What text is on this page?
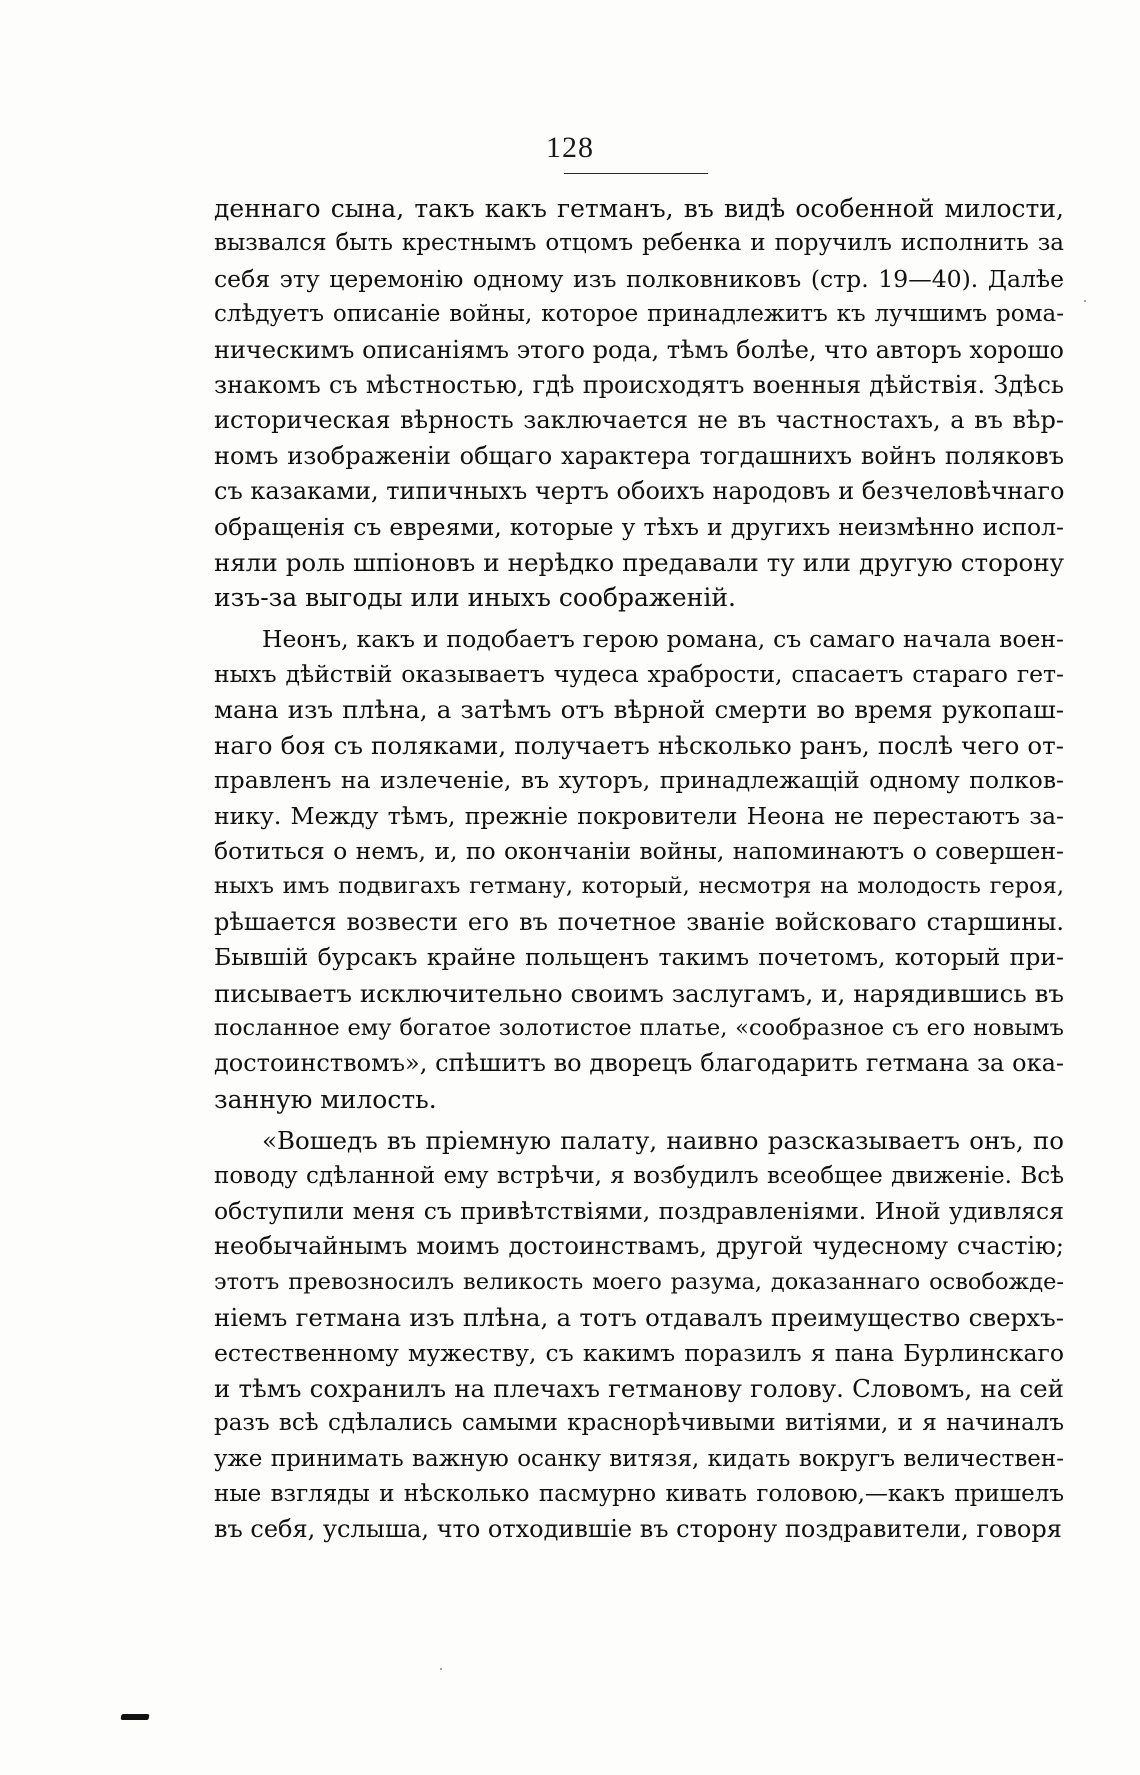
128
деннаго сына, такъ какъ гетманъ, въ видѣ особенной милости,
вызвался быть крестнымъ отцомъ ребенка и поручилъ исполнить за
себя эту церемонію одному изъ полковниковъ (стр. 19—40). Далѣе
слѣдуетъ описаніе войны, которое принадлежитъ къ лучшимъ рома-
ническимъ описаніямъ этого рода, тѣмъ болѣе, что авторъ хорошо
знакомъ съ мѣстностью, гдѣ происходятъ военныя дѣйствія. Здѣсь
историческая вѣрность заключается не въ частностахъ, а въ вѣр-
номъ изображеніи общаго характера тогдашнихъ войнъ поляковъ
съ казаками, типичныхъ чертъ обоихъ народовъ и безчеловѣчнаго
обращенія съ евреями, которые у тѣхъ и другихъ неизмѣнно испол-
няли роль шпіоновъ и нерѣдко предавали ту или другую сторону
изъ-за выгоды или иныхъ соображеній.
Неонъ, какъ и подобаетъ герою романа, съ самаго начала воен-
ныхъ дѣйствій оказываетъ чудеса храбрости, спасаетъ стараго гет-
мана изъ плѣна, а затѣмъ отъ вѣрной смерти во время рукопаш-
наго боя съ поляками, получаетъ нѣсколько ранъ, послѣ чего от-
правленъ на излеченіе, въ хуторъ, принадлежащій одному полков-
нику. Между тѣмъ, прежніе покровители Неона не перестаютъ за-
ботиться о немъ, и, по окончаніи войны, напоминаютъ о совершен-
ныхъ имъ подвигахъ гетману, который, несмотря на молодость героя,
рѣшается возвести его въ почетное званіе войсковаго старшины.
Бывшій бурсакъ крайне польщенъ такимъ почетомъ, который при-
писываетъ исключительно своимъ заслугамъ, и, нарядившись въ
посланное ему богатое золотистое платье, «сообразное съ его новымъ
достоинствомъ», спѣшитъ во дворецъ благодарить гетмана за ока-
занную милость.
«Вошедъ въ пріемную палату, наивно разсказываетъ онъ, по
поводу сдѣланной ему встрѣчи, я возбудилъ всеобщее движеніе. Всѣ
обступили меня съ привѣтствіями, поздравленіями. Иной удивляся
необычайнымъ моимъ достоинствамъ, другой чудесному счастію;
этотъ превозносилъ великость моего разума, доказаннаго освобожде-
ніемъ гетмана изъ плѣна, а тотъ отдавалъ преимущество сверхъ-
естественному мужеству, съ какимъ поразилъ я пана Бурлинскаго
и тѣмъ сохранилъ на плечахъ гетманову голову. Словомъ, на сей
разъ всѣ сдѣлались самыми краснорѣчивыми витіями, и я начиналъ
уже принимать важную осанку витязя, кидать вокругъ величествен-
ные взгляды и нѣсколько пасмурно кивать головою,—какъ пришелъ
въ себя, услыша, что отходившіе въ сторону поздравители, говоря
